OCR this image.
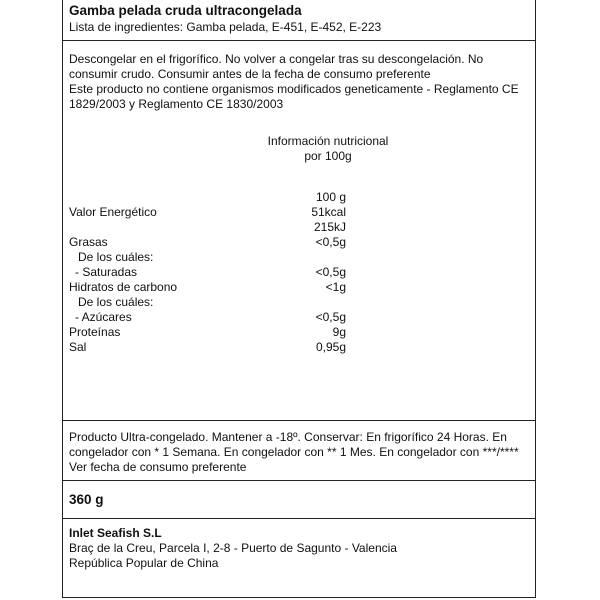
Gamba pelada cruda ultracongelada
Lista de ingredientes: Gamba pelada, E-451, E-452, E-223
Descongelar en el frigorífico. No volver a congelar tras su descongelación. No consumir crudo. Consumir antes de la fecha de consumo preferente
Este producto no contiene organismos modificados geneticamente - Reglamento CE 1829/2003 y Reglamento CE 1830/2003
Información nutricional
por 100g
100 g
Valor Energético	51kcal
215kJ
Grasas	<0,5g
De los cuáles:
- Saturadas	<0,5g
Hidratos de carbono	<1g
De los cuáles:
- Azúcares	<0,5g
Proteínas	9g
Sal	0,95g
Producto Ultra-congelado. Mantener a -18º. Conservar: En frigorífico 24 Horas. En congelador con * 1 Semana. En congelador con ** 1 Mes. En congelador con ***/**** Ver fecha de consumo preferente
360 g
Inlet Seafish S.L
Braç de la Creu, Parcela I, 2-8 - Puerto de Sagunto - Valencia
República Popular de China
